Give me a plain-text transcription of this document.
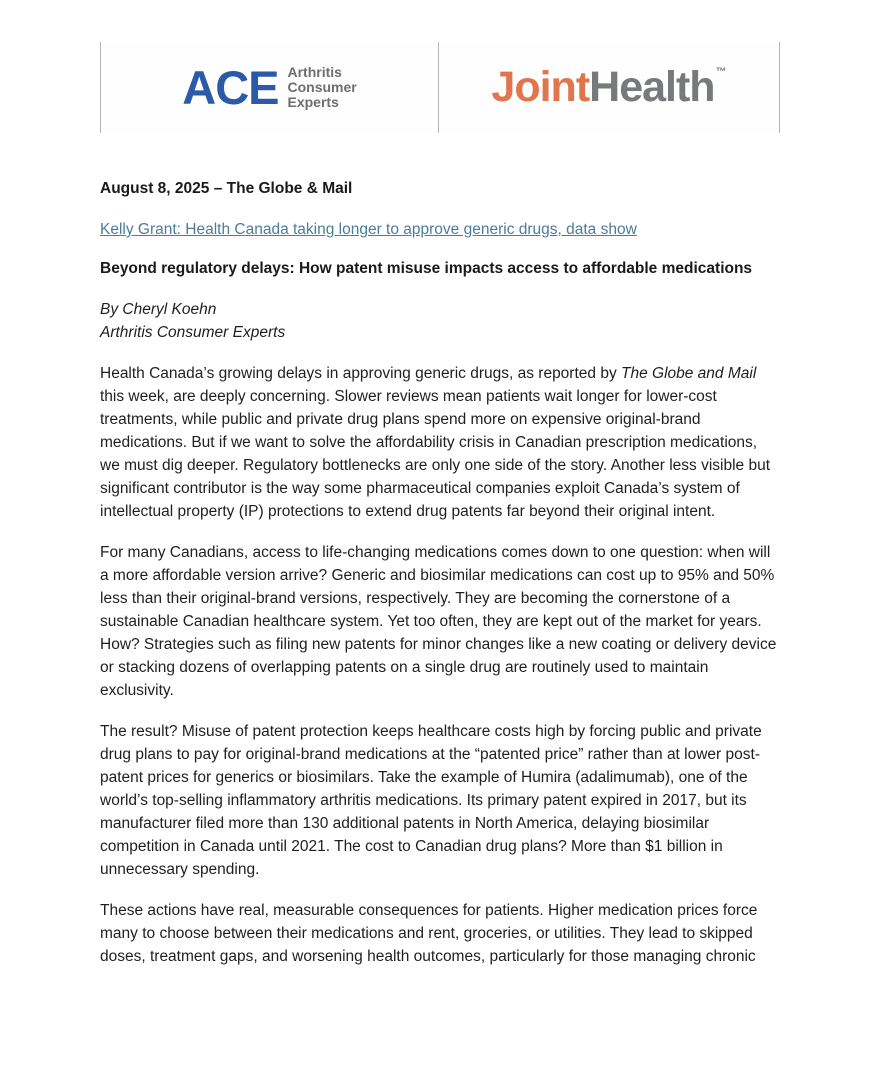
ACE Arthritis
Consumer
Experts	JointHealth™

August 8, 2025 – The Globe & Mail

Kelly Grant: Health Canada taking longer to approve generic drugs, data show

Beyond regulatory delays: How patent misuse impacts access to affordable medications

By Cheryl Koehn
Arthritis Consumer Experts

Health Canada’s growing delays in approving generic drugs, as reported by The Globe and Mail this week, are deeply concerning. Slower reviews mean patients wait longer for lower-cost treatments, while public and private drug plans spend more on expensive original-brand medications. But if we want to solve the affordability crisis in Canadian prescription medications, we must dig deeper. Regulatory bottlenecks are only one side of the story. Another less visible but significant contributor is the way some pharmaceutical companies exploit Canada’s system of intellectual property (IP) protections to extend drug patents far beyond their original intent.

For many Canadians, access to life-changing medications comes down to one question: when will a more affordable version arrive? Generic and biosimilar medications can cost up to 95% and 50% less than their original-brand versions, respectively. They are becoming the cornerstone of a sustainable Canadian healthcare system. Yet too often, they are kept out of the market for years. How? Strategies such as filing new patents for minor changes like a new coating or delivery device or stacking dozens of overlapping patents on a single drug are routinely used to maintain exclusivity.

The result? Misuse of patent protection keeps healthcare costs high by forcing public and private drug plans to pay for original-brand medications at the “patented price” rather than at lower post-patent prices for generics or biosimilars. Take the example of Humira (adalimumab), one of the world’s top-selling inflammatory arthritis medications. Its primary patent expired in 2017, but its manufacturer filed more than 130 additional patents in North America, delaying biosimilar competition in Canada until 2021. The cost to Canadian drug plans? More than $1 billion in unnecessary spending.

These actions have real, measurable consequences for patients. Higher medication prices force many to choose between their medications and rent, groceries, or utilities. They lead to skipped doses, treatment gaps, and worsening health outcomes, particularly for those managing chronic
